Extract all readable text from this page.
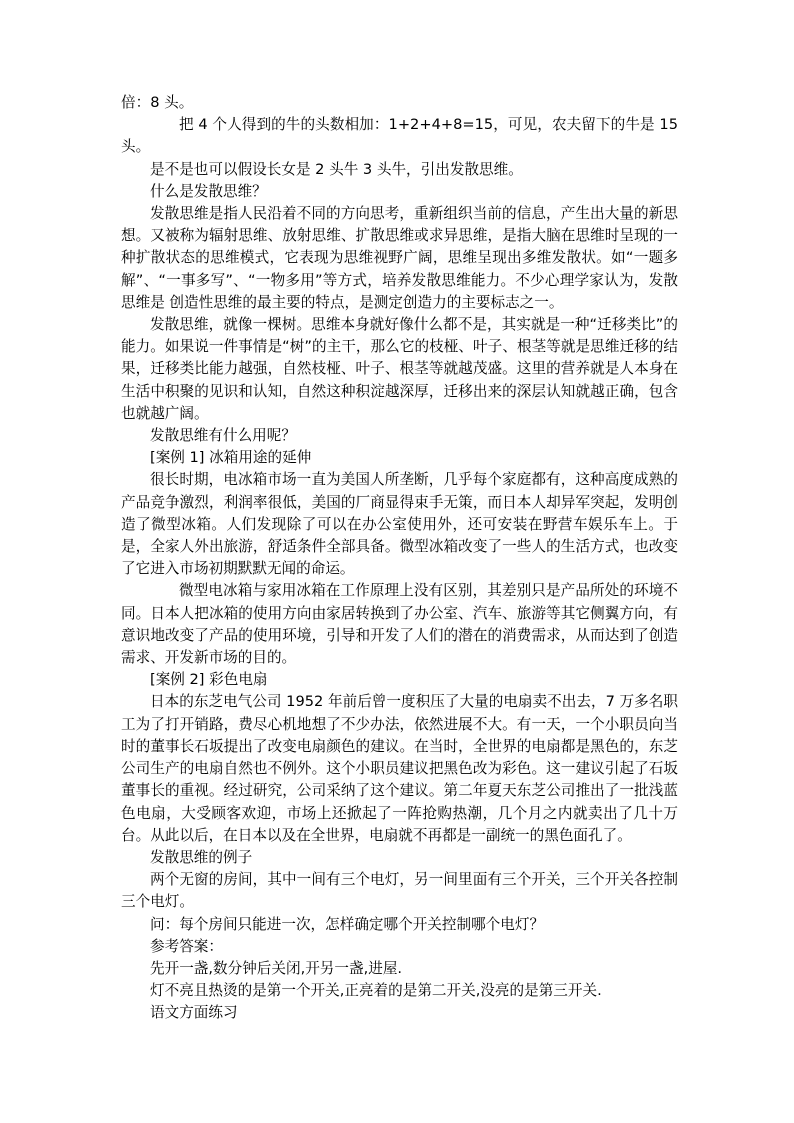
倍：8 头。

把 4 个人得到的牛的头数相加：1+2+4+8=15，可见，农夫留下的牛是 15 头。

是不是也可以假设长女是 2 头牛 3 头牛，引出发散思维。

什么是发散思维？

发散思维是指人民沿着不同的方向思考，重新组织当前的信息，产生出大量的新思想。又被称为辐射思维、放射思维、扩散思维或求异思维，是指大脑在思维时呈现的一种扩散状态的思维模式，它表现为思维视野广阔，思维呈现出多维发散状。如“一题多解”、“一事多写”、“一物多用”等方式，培养发散思维能力。不少心理学家认为，发散思维是 创造性思维的最主要的特点，是测定创造力的主要标志之一。

发散思维，就像一棵树。思维本身就好像什么都不是，其实就是一种“迁移类比”的能力。如果说一件事情是“树”的主干，那么它的枝桠、叶子、根茎等就是思维迁移的结果，迁移类比能力越强，自然枝桠、叶子、根茎等就越茂盛。这里的营养就是人本身在生活中积聚的见识和认知，自然这种积淀越深厚，迁移出来的深层认知就越正确，包含也就越广阔。

发散思维有什么用呢？

[案例 1] 冰箱用途的延伸

很长时期，电冰箱市场一直为美国人所垄断，几乎每个家庭都有，这种高度成熟的产品竞争激烈，利润率很低，美国的厂商显得束手无策，而日本人却异军突起，发明创造了微型冰箱。人们发现除了可以在办公室使用外，还可安装在野营车娱乐车上。于是，全家人外出旅游，舒适条件全部具备。微型冰箱改变了一些人的生活方式，也改变了它进入市场初期默默无闻的命运。

微型电冰箱与家用冰箱在工作原理上没有区别，其差别只是产品所处的环境不同。日本人把冰箱的使用方向由家居转换到了办公室、汽车、旅游等其它侧翼方向，有意识地改变了产品的使用环境，引导和开发了人们的潜在的消费需求，从而达到了创造需求、开发新市场的目的。

[案例 2] 彩色电扇

日本的东芝电气公司 1952 年前后曾一度积压了大量的电扇卖不出去，7 万多名职工为了打开销路，费尽心机地想了不少办法，依然进展不大。有一天，一个小职员向当时的董事长石坂提出了改变电扇颜色的建议。在当时，全世界的电扇都是黑色的，东芝公司生产的电扇自然也不例外。这个小职员建议把黑色改为彩色。这一建议引起了石坂董事长的重视。经过研究，公司采纳了这个建议。第二年夏天东芝公司推出了一批浅蓝色电扇，大受顾客欢迎，市场上还掀起了一阵抢购热潮，几个月之内就卖出了几十万台。从此以后，在日本以及在全世界，电扇就不再都是一副统一的黑色面孔了。

发散思维的例子

两个无窗的房间，其中一间有三个电灯，另一间里面有三个开关，三个开关各控制三个电灯。

问：每个房间只能进一次，怎样确定哪个开关控制哪个电灯？

参考答案：

先开一盏,数分钟后关闭,开另一盏,进屋.

灯不亮且热烫的是第一个开关,正亮着的是第二开关,没亮的是第三开关.

语文方面练习
